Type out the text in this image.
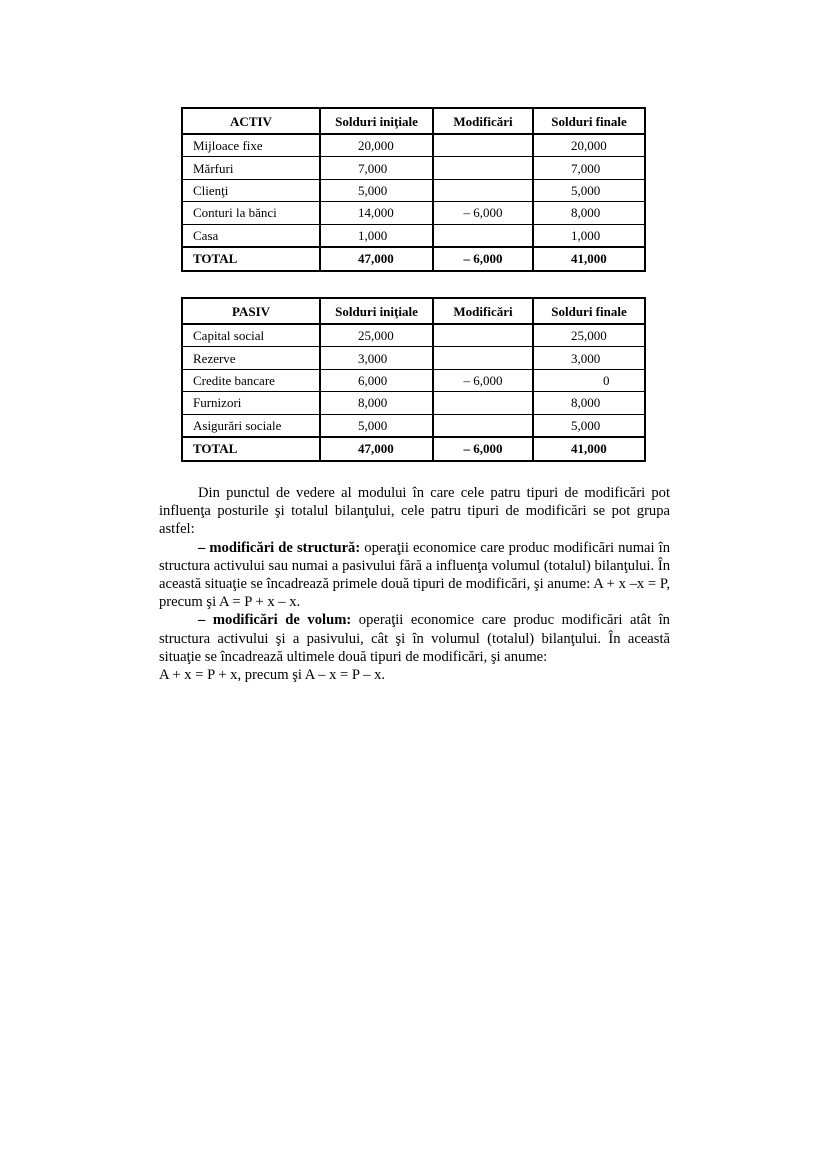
ACTIV	Solduri iniţiale	Modificări	Solduri finale
Mijloace fixe	20,000		20,000
Mărfuri	7,000		7,000
Clienţi	5,000		5,000
Conturi la bănci	14,000	– 6,000	8,000
Casa	1,000		1,000
TOTAL	47,000	– 6,000	41,000
PASIV	Solduri iniţiale	Modificări	Solduri finale
Capital social	25,000		25,000
Rezerve	3,000		3,000
Credite bancare	6,000	– 6,000	0
Furnizori	8,000		8,000
Asigurări sociale	5,000		5,000
TOTAL	47,000	– 6,000	41,000

Din punctul de vedere al modului în care cele patru tipuri de modificări pot influenţa posturile şi totalul bilanţului, cele patru tipuri de modificări se pot grupa astfel:

– modificări de structură: operaţii economice care produc modificări numai în structura activului sau numai a pasivului fără a influenţa volumul (totalul) bilanţului. În această situaţie se încadrează primele două tipuri de modificări, şi anume: A + x –x = P, precum şi A = P + x – x.

– modificări de volum: operaţii economice care produc modificări atât în structura activului şi a pasivului, cât şi în volumul (totalul) bilanţului. În această situaţie se încadrează ultimele două tipuri de modificări, şi anume:

A + x = P + x, precum şi A – x = P – x.
